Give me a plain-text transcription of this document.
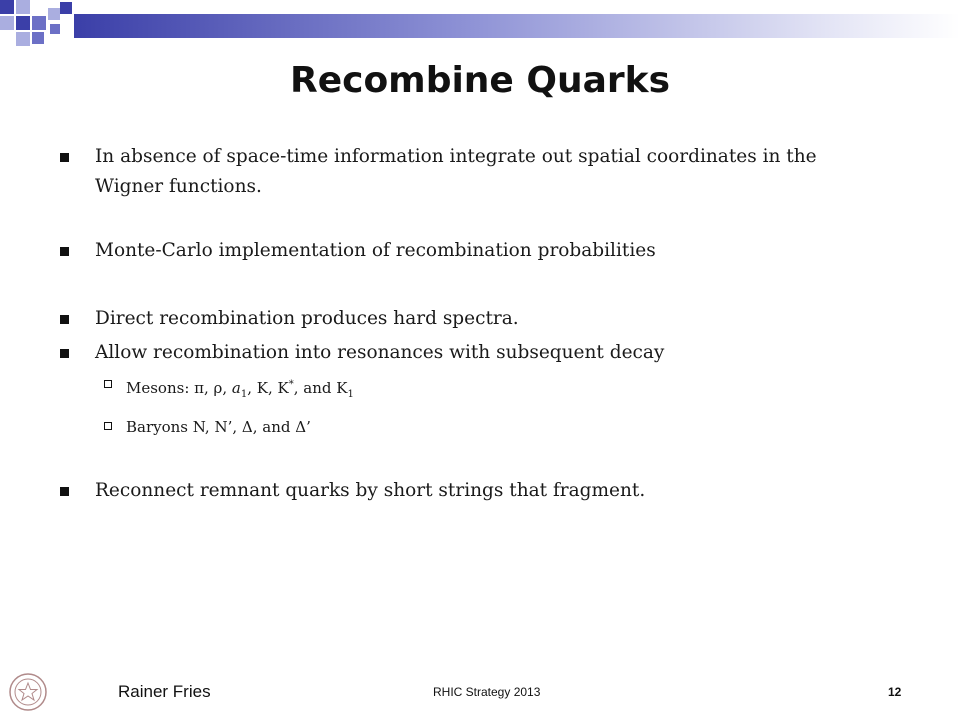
Recombine Quarks
In absence of space-time information integrate out spatial coordinates in the
Wigner functions.
Monte-Carlo implementation of recombination probabilities
Direct recombination produces hard spectra.
Allow recombination into resonances with subsequent decay
Mesons: π, ρ, $a_1$, K, K*, and $K_1$
Baryons N, N’, Δ, and Δ’
Reconnect remnant quarks by short strings that fragment.
Rainer Fries	RHIC Strategy 2013	12
